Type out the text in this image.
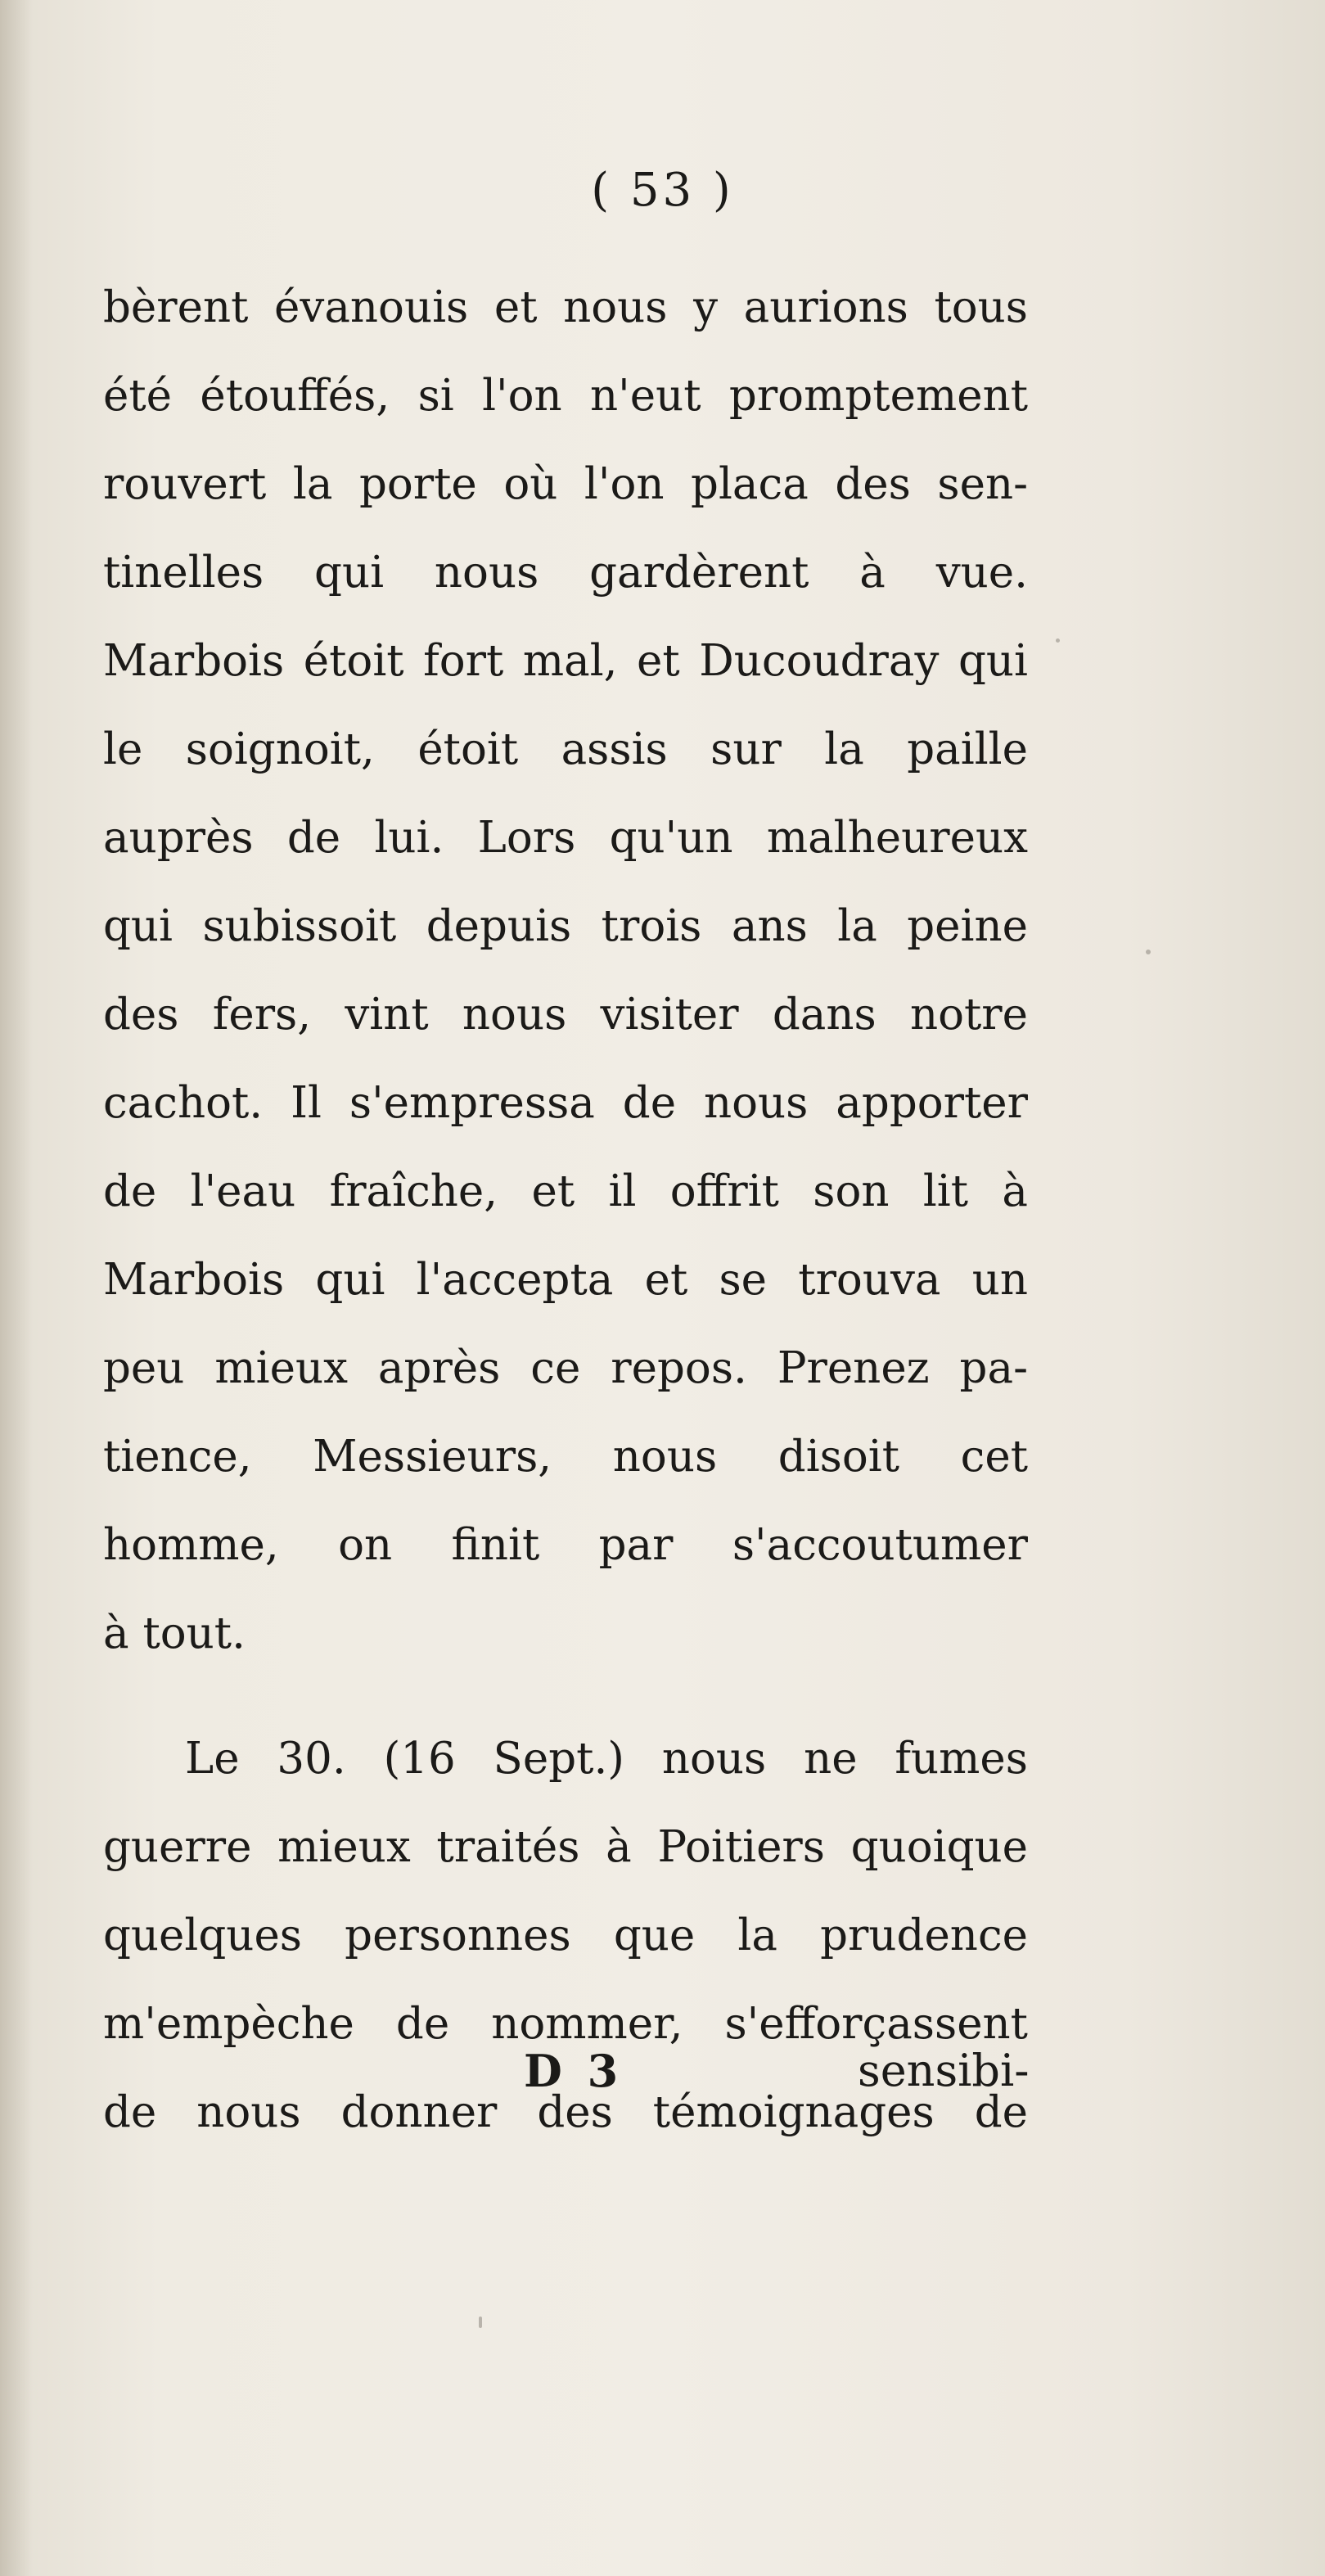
( 53 )
bèrent évanouis et nous y aurions tous
été étouffés, si l'on n'eut promptement
rouvert la porte où l'on placa des sen-
tinelles qui nous gardèrent à vue.
Marbois étoit fort mal, et Ducoudray qui
le soignoit, étoit assis sur la paille
auprès de lui. Lors qu'un malheureux
qui subissoit depuis trois ans la peine
des fers, vint nous visiter dans notre
cachot. Il s'empressa de nous apporter
de l'eau fraîche, et il offrit son lit à
Marbois qui l'accepta et se trouva un
peu mieux après ce repos. Prenez pa-
tience, Messieurs, nous disoit cet
homme, on finit par s'accoutumer
à tout.
Le 30. (16 Sept.) nous ne fumes
guerre mieux traités à Poitiers quoique
quelques personnes que la prudence
m'empèche de nommer, s'efforçassent
de nous donner des témoignages de
D 3	sensibi-
